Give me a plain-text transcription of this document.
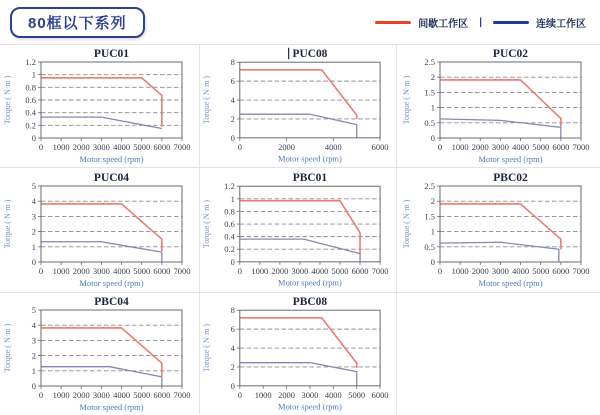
80框以下系列	间歇工作区 |	连续工作区
PUC01
0 1000 2000 3000 4000 5000 6000 7000
0
0.2
0.4
0.6
0.8
1
1.2
Motor speed (rpm)
Torque ( N·m )
PUC08
0	2000	4000	6000
0
2
4
6
8
Motor speed (rpm)
Torque ( N·m )
PUC02
0 1000 2000 3000 4000 5000 6000 7000
0
0.5
1
1.5
2
2.5
Motor speed (rpm)
Torque ( N·m )
PUC04
0 1000 2000 3000 4000 5000 6000 7000
0
1
2
3
4
5
Motor speed (rpm)
Torque ( N·m )
PBC01
0 1000 2000 3000 4000 5000 6000 7000
0
0.2
0.4
0.6
0.8
1
1.2
Motor speed (rpm)
Torque ( N·m )
PBC02
0 1000 2000 3000 4000 5000 6000 7000
0
0.5
1
1.5
2
2.5
Motor speed (rpm)
Torque ( N·m )
PBC04
0 1000 2000 3000 4000 5000 6000 7000
0
1
2
3
4
5
Motor speed (rpm)
Torque ( N·m )
PBC08
0 1000 2000 3000 4000 5000 6000
0
2
4
6
8
Motor speed (rpm)
Torque ( N·m )
